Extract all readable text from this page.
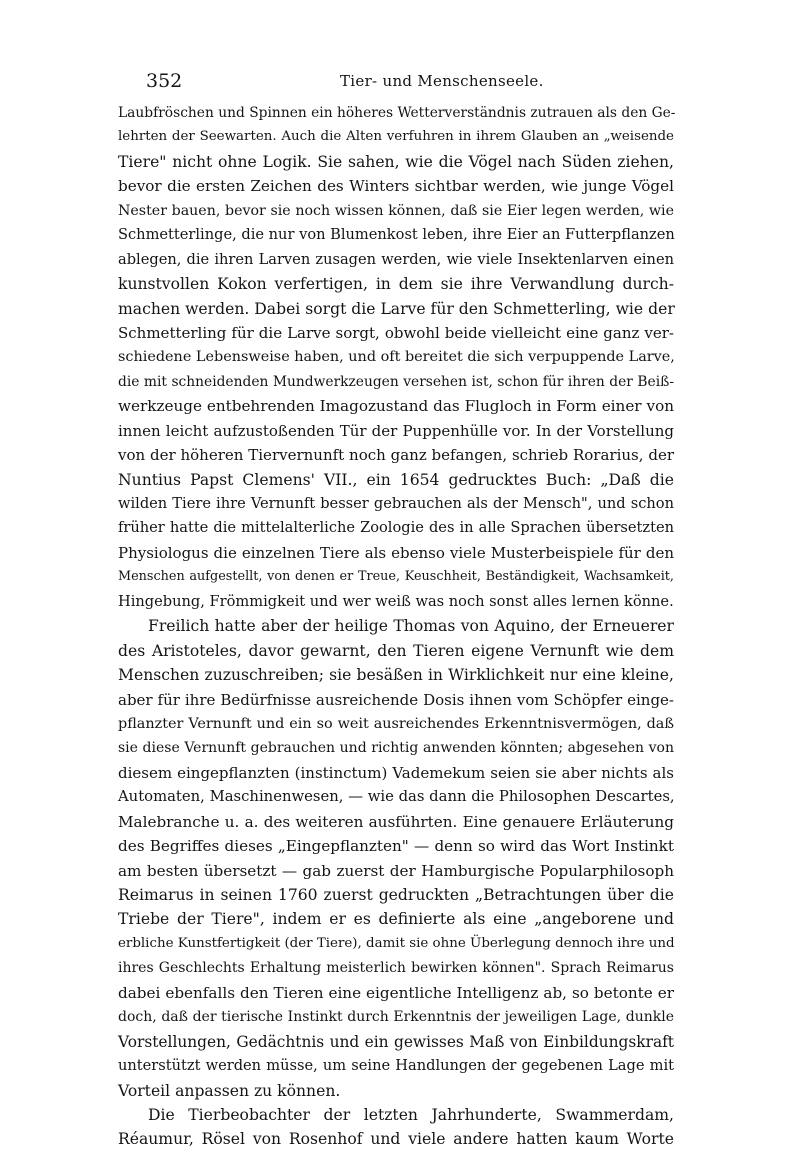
352	Tier- und Menschenseele.
Laubfröschen und Spinnen ein höheres Wetterverständnis zutrauen als den Ge-
lehrten der Seewarten. Auch die Alten verfuhren in ihrem Glauben an „weisende
Tiere" nicht ohne Logik. Sie sahen, wie die Vögel nach Süden ziehen,
bevor die ersten Zeichen des Winters sichtbar werden, wie junge Vögel
Nester bauen, bevor sie noch wissen können, daß sie Eier legen werden, wie
Schmetterlinge, die nur von Blumenkost leben, ihre Eier an Futterpflanzen
ablegen, die ihren Larven zusagen werden, wie viele Insektenlarven einen
kunstvollen Kokon verfertigen, in dem sie ihre Verwandlung durch-
machen werden. Dabei sorgt die Larve für den Schmetterling, wie der
Schmetterling für die Larve sorgt, obwohl beide vielleicht eine ganz ver-
schiedene Lebensweise haben, und oft bereitet die sich verpuppende Larve,
die mit schneidenden Mundwerkzeugen versehen ist, schon für ihren der Beiß-
werkzeuge entbehrenden Imagozustand das Flugloch in Form einer von
innen leicht aufzustoßenden Tür der Puppenhülle vor. In der Vorstellung
von der höheren Tiervernunft noch ganz befangen, schrieb Rorarius, der
Nuntius Papst Clemens' VII., ein 1654 gedrucktes Buch: „Daß die
wilden Tiere ihre Vernunft besser gebrauchen als der Mensch", und schon
früher hatte die mittelalterliche Zoologie des in alle Sprachen übersetzten
Physiologus die einzelnen Tiere als ebenso viele Musterbeispiele für den
Menschen aufgestellt, von denen er Treue, Keuschheit, Beständigkeit, Wachsamkeit,
Hingebung, Frömmigkeit und wer weiß was noch sonst alles lernen könne.
Freilich hatte aber der heilige Thomas von Aquino, der Erneuerer
des Aristoteles, davor gewarnt, den Tieren eigene Vernunft wie dem
Menschen zuzuschreiben; sie besäßen in Wirklichkeit nur eine kleine,
aber für ihre Bedürfnisse ausreichende Dosis ihnen vom Schöpfer einge-
pflanzter Vernunft und ein so weit ausreichendes Erkenntnisvermögen, daß
sie diese Vernunft gebrauchen und richtig anwenden könnten; abgesehen von
diesem eingepflanzten (instinctum) Vademekum seien sie aber nichts als
Automaten, Maschinenwesen, — wie das dann die Philosophen Descartes,
Malebranche u. a. des weiteren ausführten. Eine genauere Erläuterung
des Begriffes dieses „Eingepflanzten" — denn so wird das Wort Instinkt
am besten übersetzt — gab zuerst der Hamburgische Popularphilosoph
Reimarus in seinen 1760 zuerst gedruckten „Betrachtungen über die
Triebe der Tiere", indem er es definierte als eine „angeborene und
erbliche Kunstfertigkeit (der Tiere), damit sie ohne Überlegung dennoch ihre und
ihres Geschlechts Erhaltung meisterlich bewirken können". Sprach Reimarus
dabei ebenfalls den Tieren eine eigentliche Intelligenz ab, so betonte er
doch, daß der tierische Instinkt durch Erkenntnis der jeweiligen Lage, dunkle
Vorstellungen, Gedächtnis und ein gewisses Maß von Einbildungskraft
unterstützt werden müsse, um seine Handlungen der gegebenen Lage mit
Vorteil anpassen zu können.
Die Tierbeobachter der letzten Jahrhunderte, Swammerdam,
Réaumur, Rösel von Rosenhof und viele andere hatten kaum Worte
